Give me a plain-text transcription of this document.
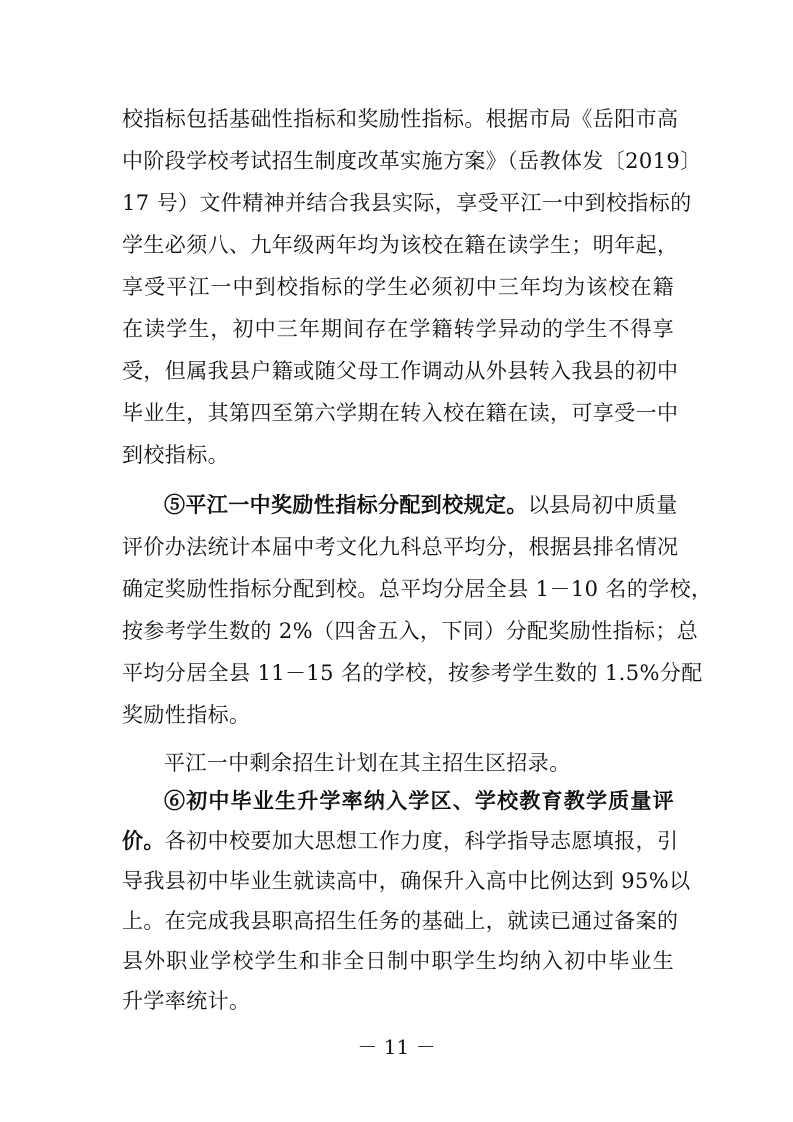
校指标包括基础性指标和奖励性指标。根据市局《岳阳市高
中阶段学校考试招生制度改革实施方案》（岳教体发〔2019〕
17 号）文件精神并结合我县实际，享受平江一中到校指标的
学生必须八、九年级两年均为该校在籍在读学生；明年起，
享受平江一中到校指标的学生必须初中三年均为该校在籍
在读学生，初中三年期间存在学籍转学异动的学生不得享
受，但属我县户籍或随父母工作调动从外县转入我县的初中
毕业生，其第四至第六学期在转入校在籍在读，可享受一中
到校指标。
⑤平江一中奖励性指标分配到校规定。以县局初中质量
评价办法统计本届中考文化九科总平均分，根据县排名情况
确定奖励性指标分配到校。总平均分居全县 1－10 名的学校，
按参考学生数的 2%（四舍五入，下同）分配奖励性指标；总
平均分居全县 11－15 名的学校，按参考学生数的 1.5%分配
奖励性指标。
平江一中剩余招生计划在其主招生区招录。
⑥初中毕业生升学率纳入学区、学校教育教学质量评
价。各初中校要加大思想工作力度，科学指导志愿填报，引
导我县初中毕业生就读高中，确保升入高中比例达到 95%以
上。在完成我县职高招生任务的基础上，就读已通过备案的
县外职业学校学生和非全日制中职学生均纳入初中毕业生
－ 11 －
升学率统计。
